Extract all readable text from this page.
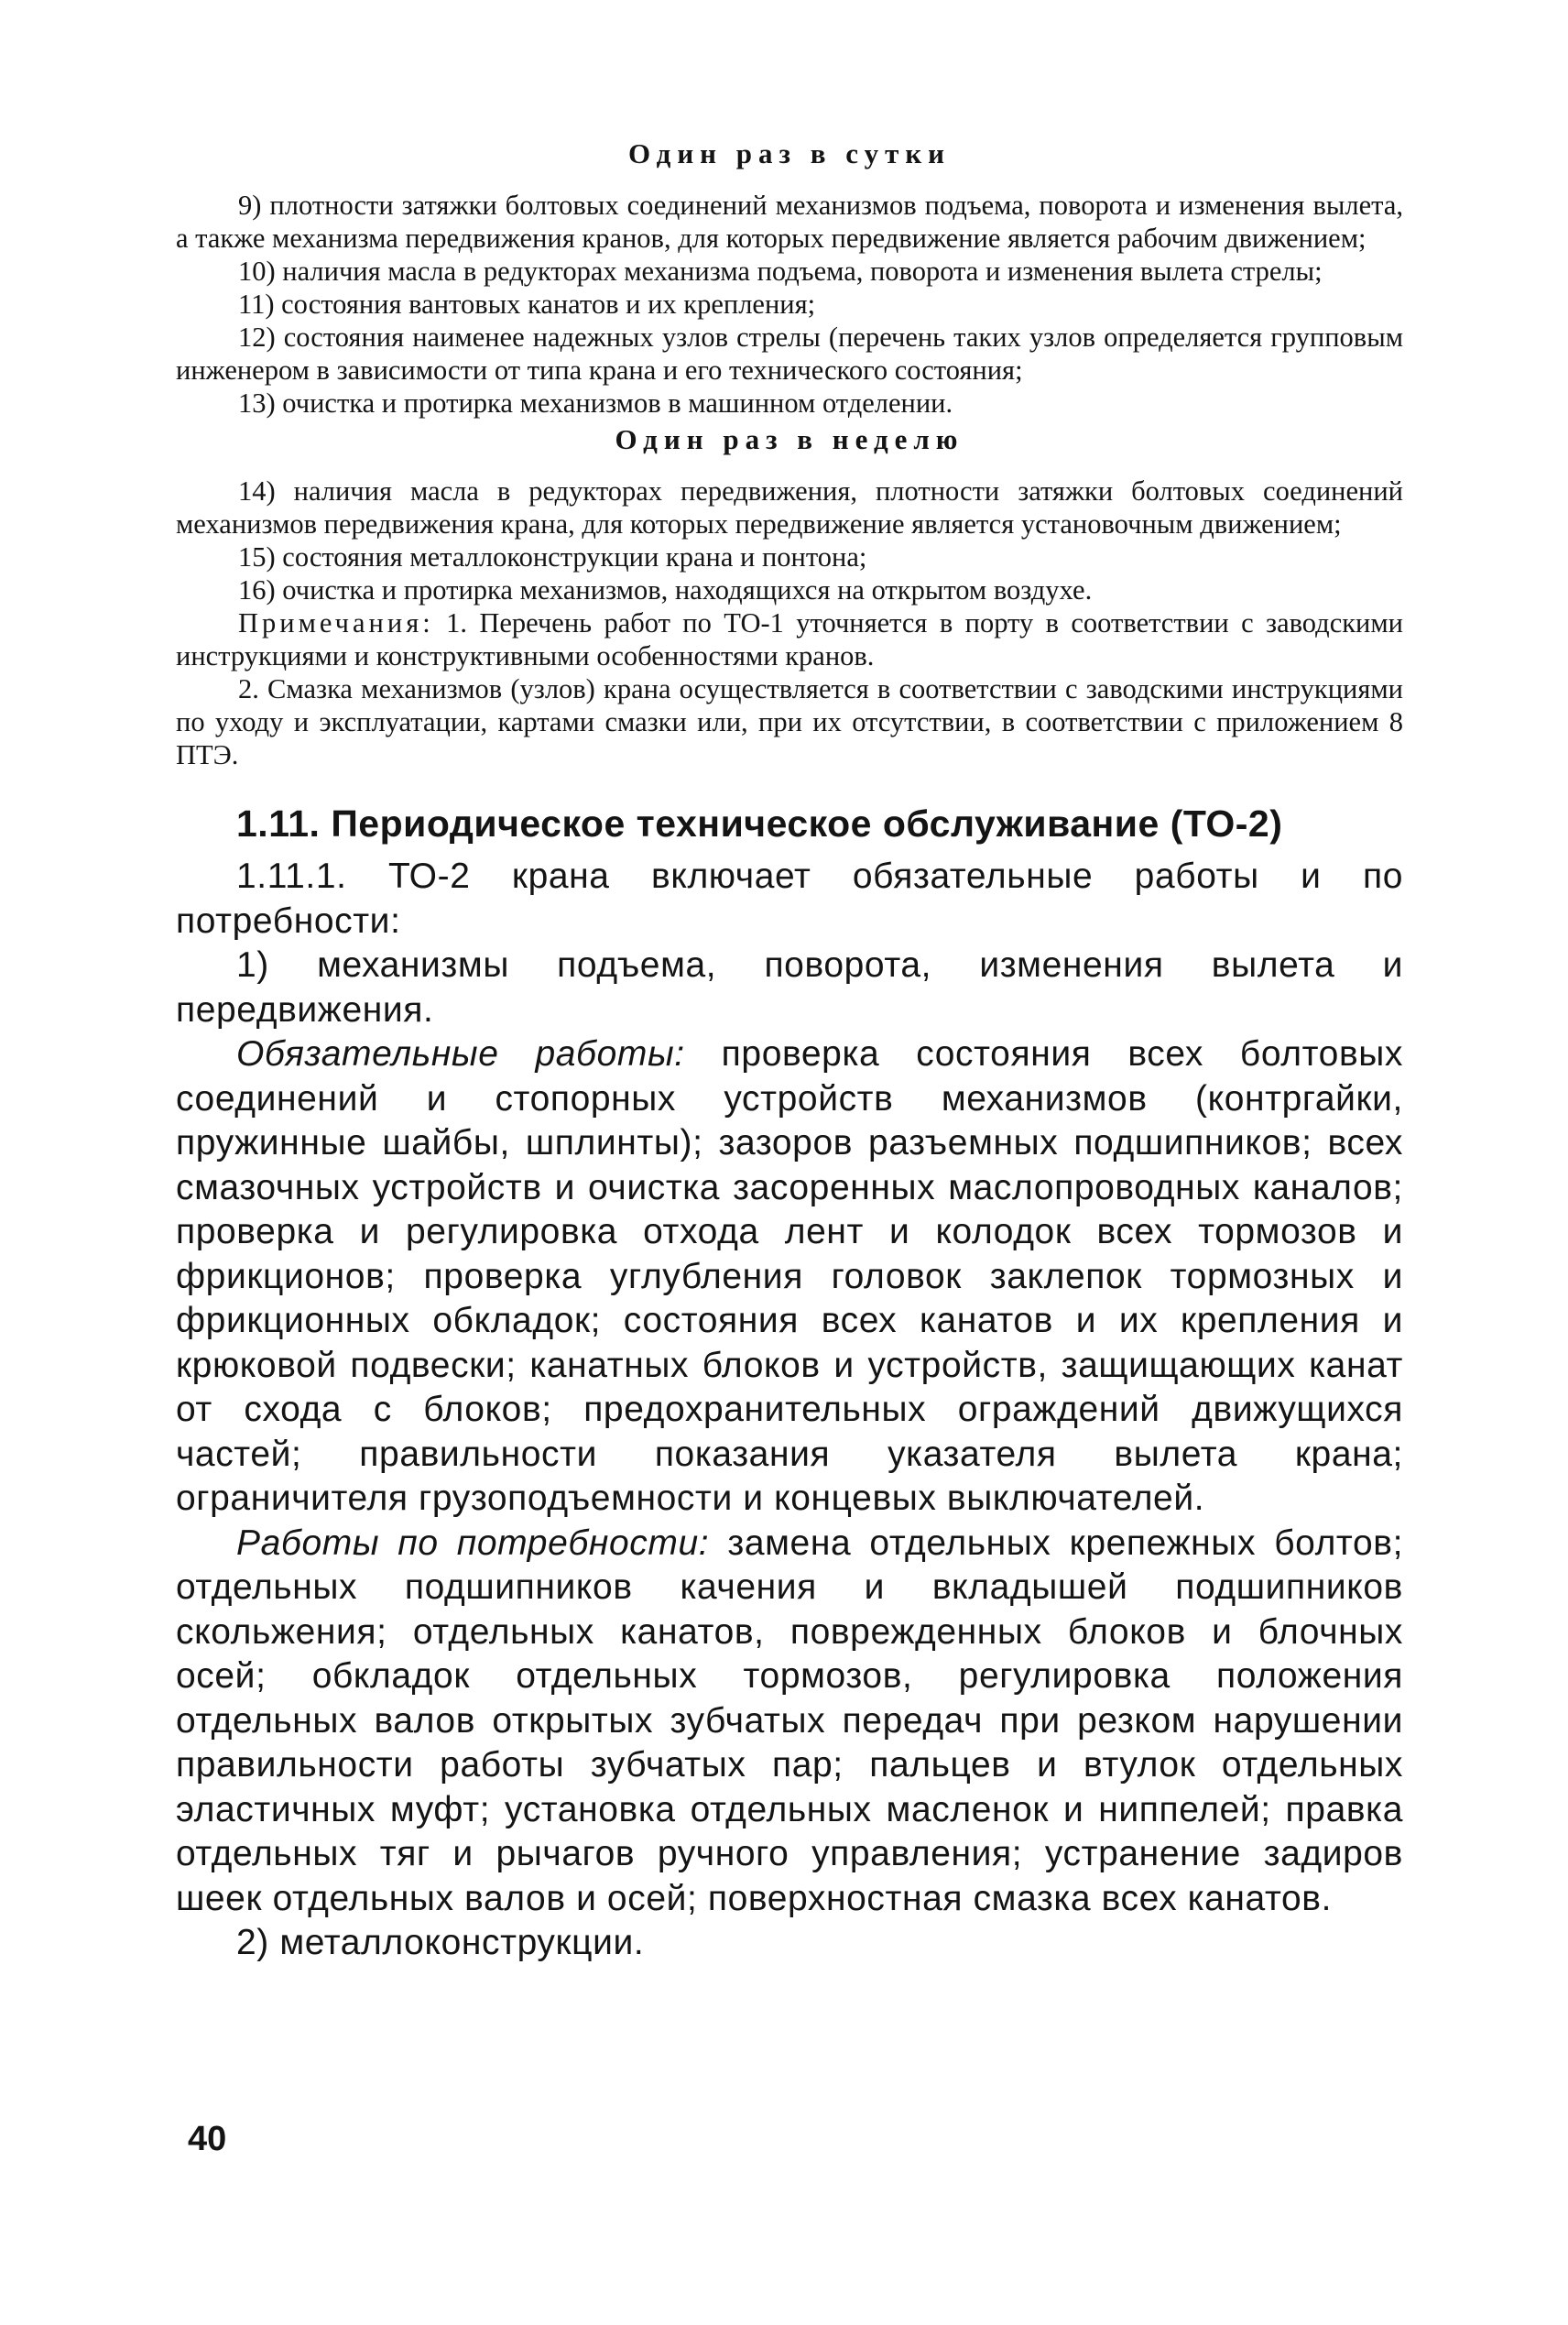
Один раз в сутки

9) плотности затяжки болтовых соединений механизмов подъема, поворота и изменения вылета, а также механизма передвижения кранов, для которых передвижение является рабочим движением;

10) наличия масла в редукторах механизма подъема, поворота и изменения вылета стрелы;

11) состояния вантовых канатов и их крепления;

12) состояния наименее надежных узлов стрелы (перечень таких узлов определяется групповым инженером в зависимости от типа крана и его технического состояния;

13) очистка и протирка механизмов в машинном отделении.

Один раз в неделю

14) наличия масла в редукторах передвижения, плотности затяжки болтовых соединений механизмов передвижения крана, для которых передвижение является установочным движением;

15) состояния металлоконструкции крана и понтона;

16) очистка и протирка механизмов, находящихся на открытом воздухе.

Примечания: 1. Перечень работ по ТО-1 уточняется в порту в соответствии с заводскими инструкциями и конструктивными особенностями кранов.

2. Смазка механизмов (узлов) крана осуществляется в соответствии с заводскими инструкциями по уходу и эксплуатации, картами смазки или, при их отсутствии, в соответствии с приложением 8 ПТЭ.

1.11. Периодическое техническое обслуживание (ТО-2)

1.11.1. ТО-2 крана включает обязательные работы и по потребности:

1) механизмы подъема, поворота, изменения вылета и передвижения.

Обязательные работы: проверка состояния всех болтовых соединений и стопорных устройств механизмов (контргайки, пружинные шайбы, шплинты); зазоров разъемных подшипников; всех смазочных устройств и очистка засоренных маслопроводных каналов; проверка и регулировка отхода лент и колодок всех тормозов и фрикционов; проверка углубления головок заклепок тормозных и фрикционных обкладок; состояния всех канатов и их крепления и крюковой подвески; канатных блоков и устройств, защищающих канат от схода с блоков; предохранительных ограждений движущихся частей; правильности показания указателя вылета крана; ограничителя грузоподъемности и концевых выключателей.

Работы по потребности: замена отдельных крепежных болтов; отдельных подшипников качения и вкладышей подшипников скольжения; отдельных канатов, поврежденных блоков и блочных осей; обкладок отдельных тормозов, регулировка положения отдельных валов открытых зубчатых передач при резком нарушении правильности работы зубчатых пар; пальцев и втулок отдельных эластичных муфт; установка отдельных масленок и ниппелей; правка отдельных тяг и рычагов ручного управления; устранение задиров шеек отдельных валов и осей; поверхностная смазка всех канатов.

2) металлоконструкции.

40
